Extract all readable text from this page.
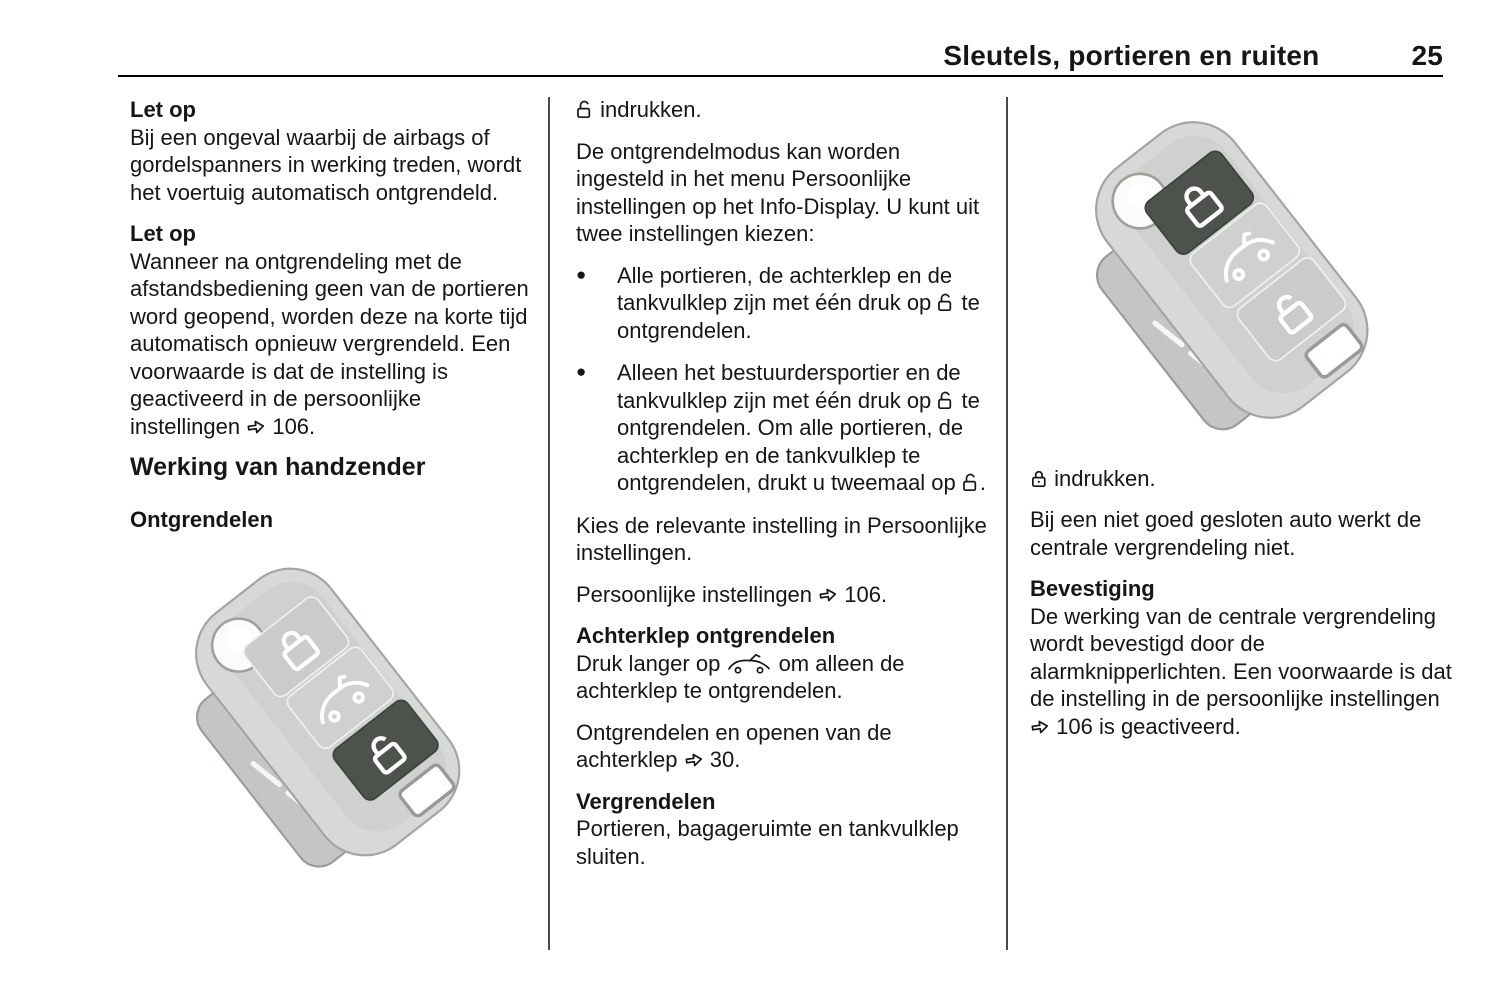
Sleutels, portieren en ruiten	25
Let op

Bij een ongeval waarbij de airbags of gordelspanners in werking treden, wordt het voertuig automatisch ontgrendeld.

Let op

Wanneer na ontgrendeling met de afstandsbediening geen van de portieren word geopend, worden deze na korte tijd automatisch opnieuw vergrendeld. Een voorwaarde is dat de instelling is geactiveerd in de persoonlijke instellingen 106.

Werking van handzender
Ontgrendelen

indrukken.

De ontgrendelmodus kan worden ingesteld in het menu Persoonlijke instellingen op het Info-Display. U kunt uit twee instellingen kiezen:

●	Alle portieren, de achterklep en de tankvulklep zijn met één druk op te ontgrendelen.
●	Alleen het bestuurdersportier en de tankvulklep zijn met één druk op te ontgrendelen. Om alle portieren, de achterklep en de tankvulklep te ontgrendelen, drukt u tweemaal op .

Kies de relevante instelling in Persoonlijke instellingen.

Persoonlijke instellingen 106.

Achterklep ontgrendelen

Druk langer op	om alleen de achterklep te ontgrendelen.

Ontgrendelen en openen van de achterklep 30.

Vergrendelen

Portieren, bagageruimte en tankvulklep sluiten.

indrukken.

Bij een niet goed gesloten auto werkt de centrale vergrendeling niet.

Bevestiging

De werking van de centrale vergrendeling wordt bevestigd door de alarmknipperlichten. Een voorwaarde is dat de instelling in de persoonlijke instellingen  106 is geactiveerd.
